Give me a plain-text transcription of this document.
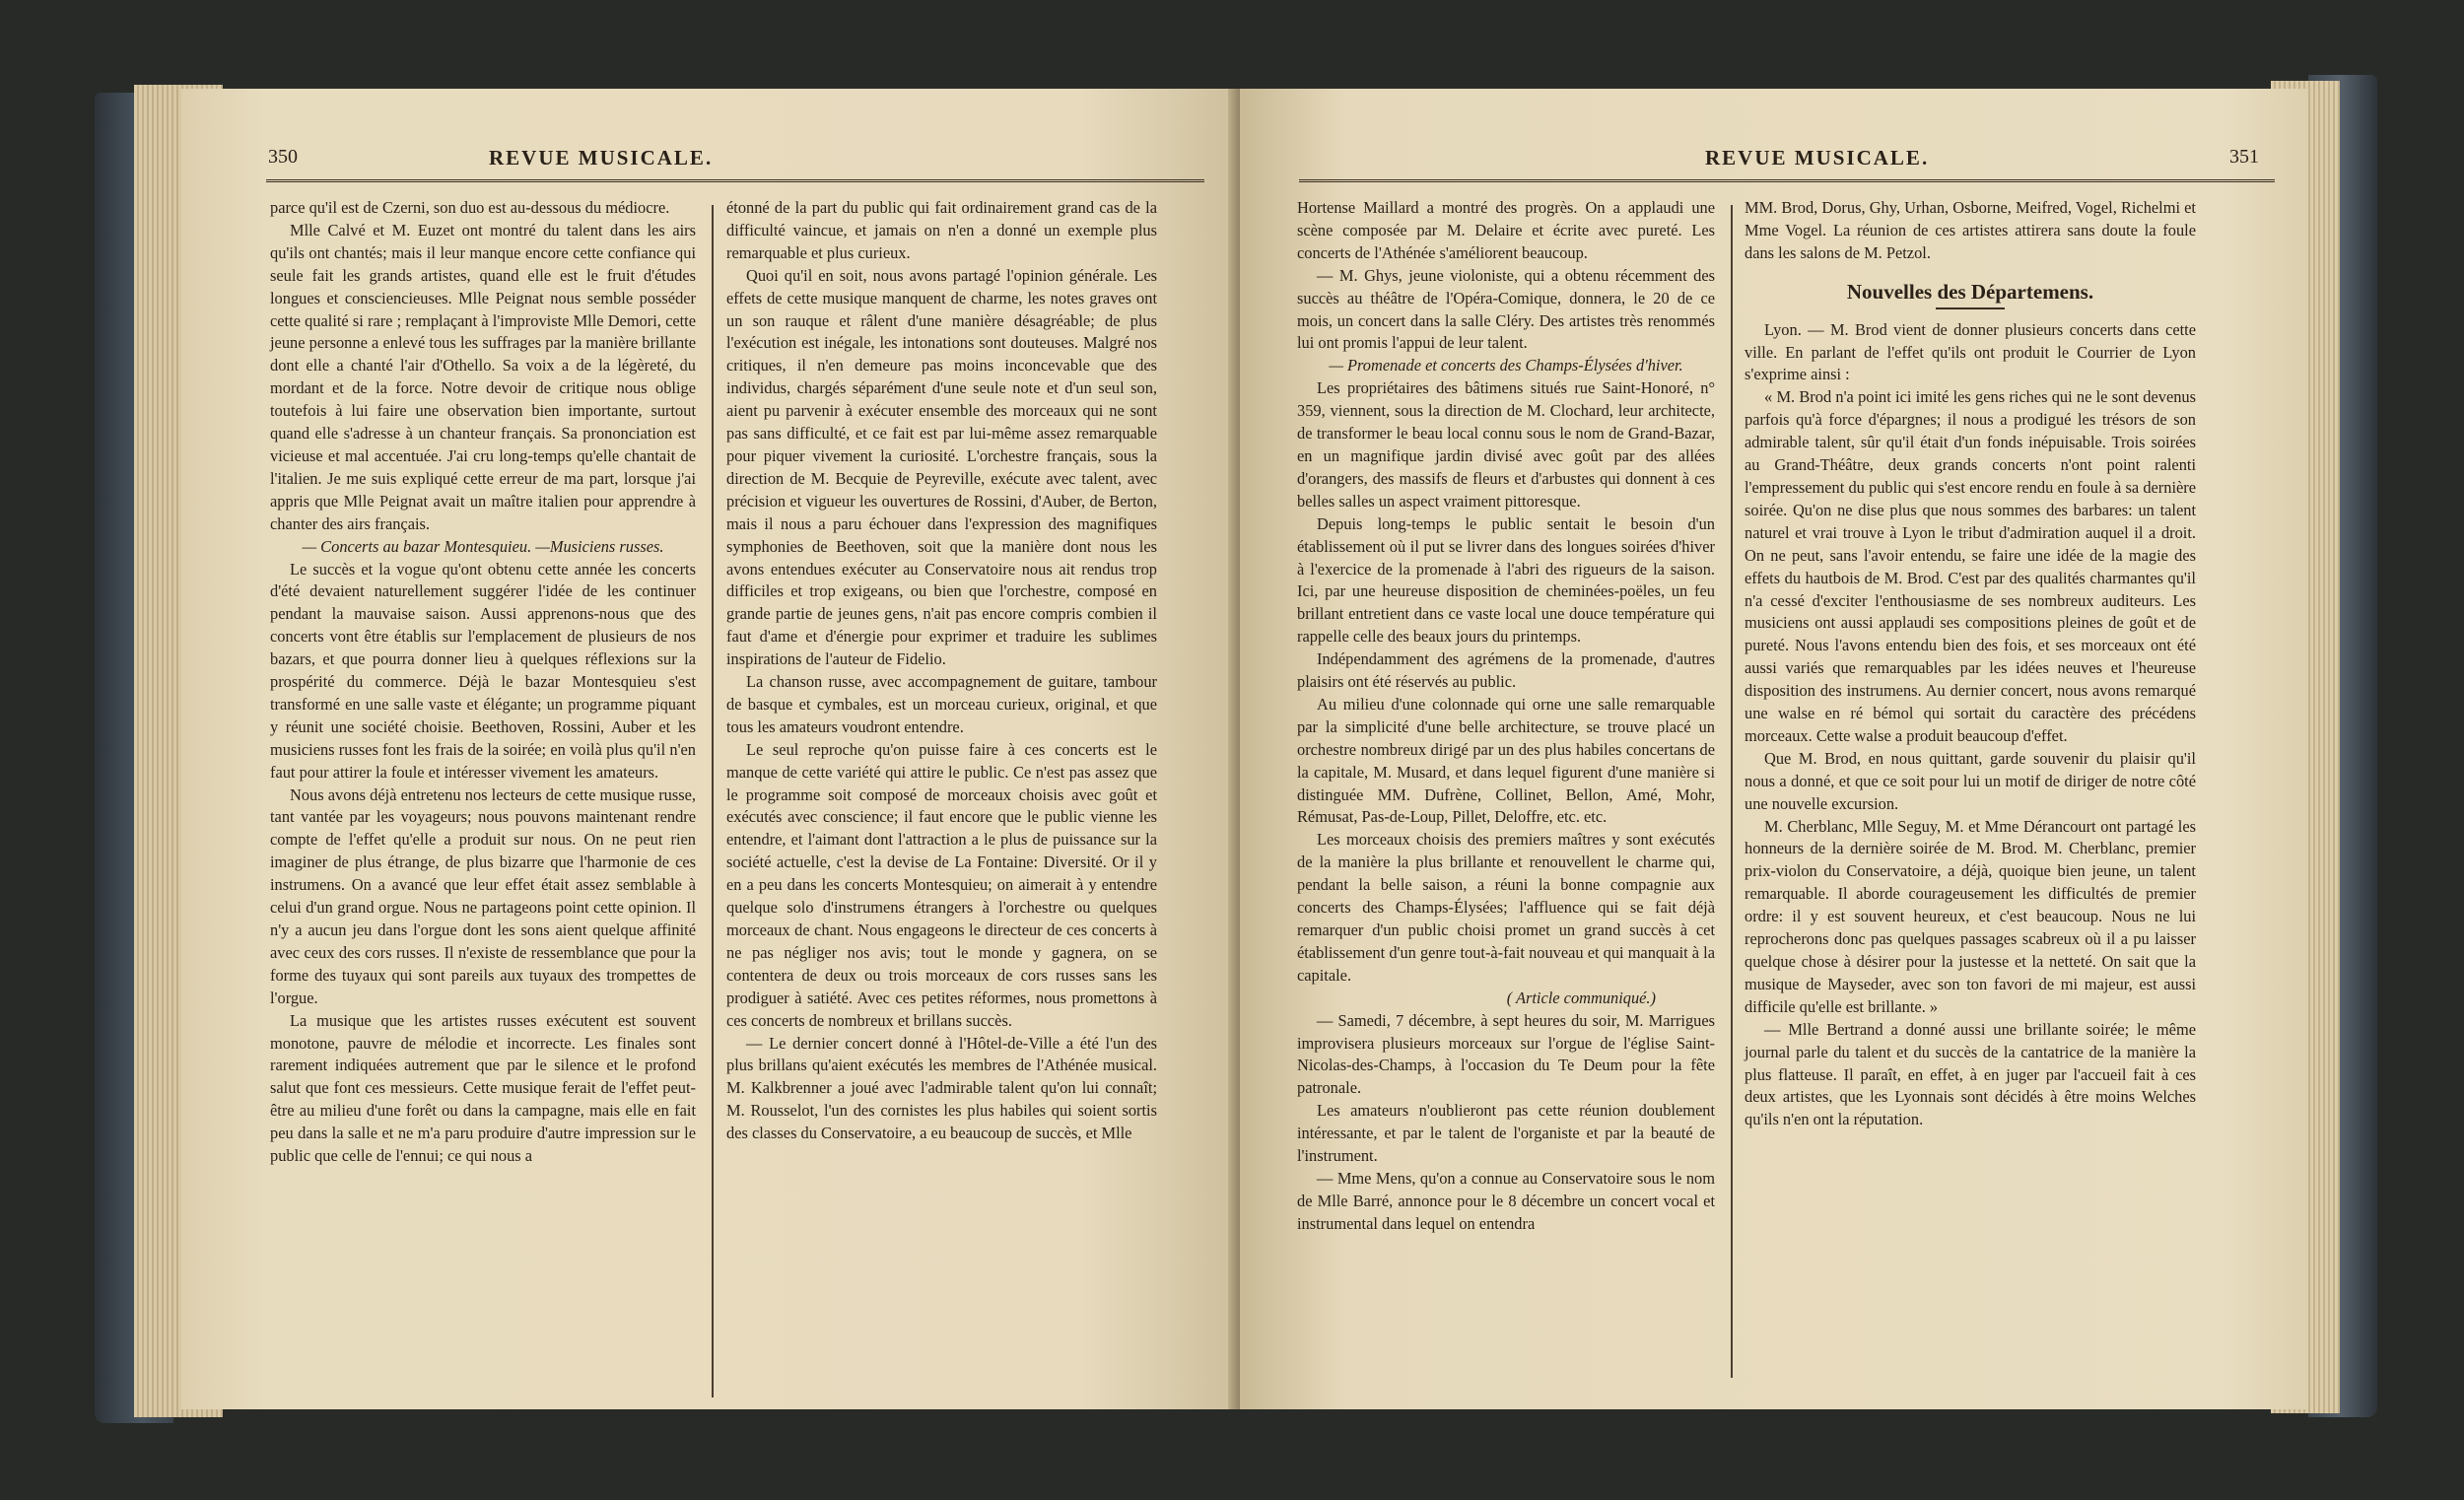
350	REVUE MUSICALE.

parce qu'il est de Czerni, son duo est au-dessous du médiocre.

Mlle Calvé et M. Euzet ont montré du talent dans les airs qu'ils ont chantés; mais il leur manque encore cette confiance qui seule fait les grands artistes, quand elle est le fruit d'études longues et consciencieuses. Mlle Peignat nous semble posséder cette qualité si rare ; remplaçant à l'improviste Mlle Demori, cette jeune personne a enlevé tous les suffrages par la manière brillante dont elle a chanté l'air d'Othello. Sa voix a de la légèreté, du mordant et de la force. Notre devoir de critique nous oblige toutefois à lui faire une observation bien importante, surtout quand elle s'adresse à un chanteur français. Sa prononciation est vicieuse et mal accentuée. J'ai cru long-temps qu'elle chantait de l'italien. Je me suis expliqué cette erreur de ma part, lorsque j'ai appris que Mlle Peignat avait un maître italien pour apprendre à chanter des airs français.

— Concerts au bazar Montesquieu. —Musiciens russes.

Le succès et la vogue qu'ont obtenu cette année les concerts d'été devaient naturellement suggérer l'idée de les continuer pendant la mauvaise saison. Aussi apprenons-nous que des concerts vont être établis sur l'emplacement de plusieurs de nos bazars, et que pourra donner lieu à quelques réflexions sur la prospérité du commerce. Déjà le bazar Montesquieu s'est transformé en une salle vaste et élégante; un programme piquant y réunit une société choisie. Beethoven, Rossini, Auber et les musiciens russes font les frais de la soirée; en voilà plus qu'il n'en faut pour attirer la foule et intéresser vivement les amateurs.

Nous avons déjà entretenu nos lecteurs de cette musique russe, tant vantée par les voyageurs; nous pouvons maintenant rendre compte de l'effet qu'elle a produit sur nous. On ne peut rien imaginer de plus étrange, de plus bizarre que l'harmonie de ces instrumens. On a avancé que leur effet était assez semblable à celui d'un grand orgue. Nous ne partageons point cette opinion. Il n'y a aucun jeu dans l'orgue dont les sons aient quelque affinité avec ceux des cors russes. Il n'existe de ressemblance que pour la forme des tuyaux qui sont pareils aux tuyaux des trompettes de l'orgue.

La musique que les artistes russes exécutent est souvent monotone, pauvre de mélodie et incorrecte. Les finales sont rarement indiquées autrement que par le silence et le profond salut que font ces messieurs. Cette musique ferait de l'effet peut-être au milieu d'une forêt ou dans la campagne, mais elle en fait peu dans la salle et ne m'a paru produire d'autre impression sur le public que celle de l'ennui; ce qui nous a

étonné de la part du public qui fait ordinairement grand cas de la difficulté vaincue, et jamais on n'en a donné un exemple plus remarquable et plus curieux.

Quoi qu'il en soit, nous avons partagé l'opinion générale. Les effets de cette musique manquent de charme, les notes graves ont un son rauque et râlent d'une manière désagréable; de plus l'exécution est inégale, les intonations sont douteuses. Malgré nos critiques, il n'en demeure pas moins inconcevable que des individus, chargés séparément d'une seule note et d'un seul son, aient pu parvenir à exécuter ensemble des morceaux qui ne sont pas sans difficulté, et ce fait est par lui-même assez remarquable pour piquer vivement la curiosité. L'orchestre français, sous la direction de M. Becquie de Peyreville, exécute avec talent, avec précision et vigueur les ouvertures de Rossini, d'Auber, de Berton, mais il nous a paru échouer dans l'expression des magnifiques symphonies de Beethoven, soit que la manière dont nous les avons entendues exécuter au Conservatoire nous ait rendus trop difficiles et trop exigeans, ou bien que l'orchestre, composé en grande partie de jeunes gens, n'ait pas encore compris combien il faut d'ame et d'énergie pour exprimer et traduire les sublimes inspirations de l'auteur de Fidelio.

La chanson russe, avec accompagnement de guitare, tambour de basque et cymbales, est un morceau curieux, original, et que tous les amateurs voudront entendre.

Le seul reproche qu'on puisse faire à ces concerts est le manque de cette variété qui attire le public. Ce n'est pas assez que le programme soit composé de morceaux choisis avec goût et exécutés avec conscience; il faut encore que le public vienne les entendre, et l'aimant dont l'attraction a le plus de puissance sur la société actuelle, c'est la devise de La Fontaine: Diversité. Or il y en a peu dans les concerts Montesquieu; on aimerait à y entendre quelque solo d'instrumens étrangers à l'orchestre ou quelques morceaux de chant. Nous engageons le directeur de ces concerts à ne pas négliger nos avis; tout le monde y gagnera, on se contentera de deux ou trois morceaux de cors russes sans les prodiguer à satiété. Avec ces petites réformes, nous promettons à ces concerts de nombreux et brillans succès.

— Le dernier concert donné à l'Hôtel-de-Ville a été l'un des plus brillans qu'aient exécutés les membres de l'Athénée musical. M. Kalkbrenner a joué avec l'admirable talent qu'on lui connaît; M. Rousselot, l'un des cornistes les plus habiles qui soient sortis des classes du Conservatoire, a eu beaucoup de succès, et Mlle

REVUE MUSICALE.	351

Hortense Maillard a montré des progrès. On a applaudi une scène composée par M. Delaire et écrite avec pureté. Les concerts de l'Athénée s'améliorent beaucoup.

— M. Ghys, jeune violoniste, qui a obtenu récemment des succès au théâtre de l'Opéra-Comique, donnera, le 20 de ce mois, un concert dans la salle Cléry. Des artistes très renommés lui ont promis l'appui de leur talent.

— Promenade et concerts des Champs-Élysées d'hiver.

Les propriétaires des bâtimens situés rue Saint-Honoré, n° 359, viennent, sous la direction de M. Clochard, leur architecte, de transformer le beau local connu sous le nom de Grand-Bazar, en un magnifique jardin divisé avec goût par des allées d'orangers, des massifs de fleurs et d'arbustes qui donnent à ces belles salles un aspect vraiment pittoresque.

Depuis long-temps le public sentait le besoin d'un établissement où il put se livrer dans des longues soirées d'hiver à l'exercice de la promenade à l'abri des rigueurs de la saison. Ici, par une heureuse disposition de cheminées-poëles, un feu brillant entretient dans ce vaste local une douce température qui rappelle celle des beaux jours du printemps.

Indépendamment des agrémens de la promenade, d'autres plaisirs ont été réservés au public.

Au milieu d'une colonnade qui orne une salle remarquable par la simplicité d'une belle architecture, se trouve placé un orchestre nombreux dirigé par un des plus habiles concertans de la capitale, M. Musard, et dans lequel figurent d'une manière si distinguée MM. Dufrène, Collinet, Bellon, Amé, Mohr, Rémusat, Pas-de-Loup, Pillet, Deloffre, etc. etc.

Les morceaux choisis des premiers maîtres y sont exécutés de la manière la plus brillante et renouvellent le charme qui, pendant la belle saison, a réuni la bonne compagnie aux concerts des Champs-Élysées; l'affluence qui se fait déjà remarquer d'un public choisi promet un grand succès à cet établissement d'un genre tout-à-fait nouveau et qui manquait à la capitale.

( Article communiqué.)

— Samedi, 7 décembre, à sept heures du soir, M. Marrigues improvisera plusieurs morceaux sur l'orgue de l'église Saint-Nicolas-des-Champs, à l'occasion du Te Deum pour la fête patronale.

Les amateurs n'oublieront pas cette réunion doublement intéressante, et par le talent de l'organiste et par la beauté de l'instrument.

— Mme Mens, qu'on a connue au Conservatoire sous le nom de Mlle Barré, annonce pour le 8 décembre un concert vocal et instrumental dans lequel on entendra

MM. Brod, Dorus, Ghy, Urhan, Osborne, Meifred, Vogel, Richelmi et Mme Vogel. La réunion de ces artistes attirera sans doute la foule dans les salons de M. Petzol.

Nouvelles des Départemens.

Lyon. — M. Brod vient de donner plusieurs concerts dans cette ville. En parlant de l'effet qu'ils ont produit le Courrier de Lyon s'exprime ainsi :

« M. Brod n'a point ici imité les gens riches qui ne le sont devenus parfois qu'à force d'épargnes; il nous a prodigué les trésors de son admirable talent, sûr qu'il était d'un fonds inépuisable. Trois soirées au Grand-Théâtre, deux grands concerts n'ont point ralenti l'empressement du public qui s'est encore rendu en foule à sa dernière soirée. Qu'on ne dise plus que nous sommes des barbares: un talent naturel et vrai trouve à Lyon le tribut d'admiration auquel il a droit. On ne peut, sans l'avoir entendu, se faire une idée de la magie des effets du hautbois de M. Brod. C'est par des qualités charmantes qu'il n'a cessé d'exciter l'enthousiasme de ses nombreux auditeurs. Les musiciens ont aussi applaudi ses compositions pleines de goût et de pureté. Nous l'avons entendu bien des fois, et ses morceaux ont été aussi variés que remarquables par les idées neuves et l'heureuse disposition des instrumens. Au dernier concert, nous avons remarqué une walse en ré bémol qui sortait du caractère des précédens morceaux. Cette walse a produit beaucoup d'effet.

Que M. Brod, en nous quittant, garde souvenir du plaisir qu'il nous a donné, et que ce soit pour lui un motif de diriger de notre côté une nouvelle excursion.

M. Cherblanc, Mlle Seguy, M. et Mme Dérancourt ont partagé les honneurs de la dernière soirée de M. Brod. M. Cherblanc, premier prix-violon du Conservatoire, a déjà, quoique bien jeune, un talent remarquable. Il aborde courageusement les difficultés de premier ordre: il y est souvent heureux, et c'est beaucoup. Nous ne lui reprocherons donc pas quelques passages scabreux où il a pu laisser quelque chose à désirer pour la justesse et la netteté. On sait que la musique de Mayseder, avec son ton favori de mi majeur, est aussi difficile qu'elle est brillante. »

— Mlle Bertrand a donné aussi une brillante soirée; le même journal parle du talent et du succès de la cantatrice de la manière la plus flatteuse. Il paraît, en effet, à en juger par l'accueil fait à ces deux artistes, que les Lyonnais sont décidés à être moins Welches qu'ils n'en ont la réputation.
